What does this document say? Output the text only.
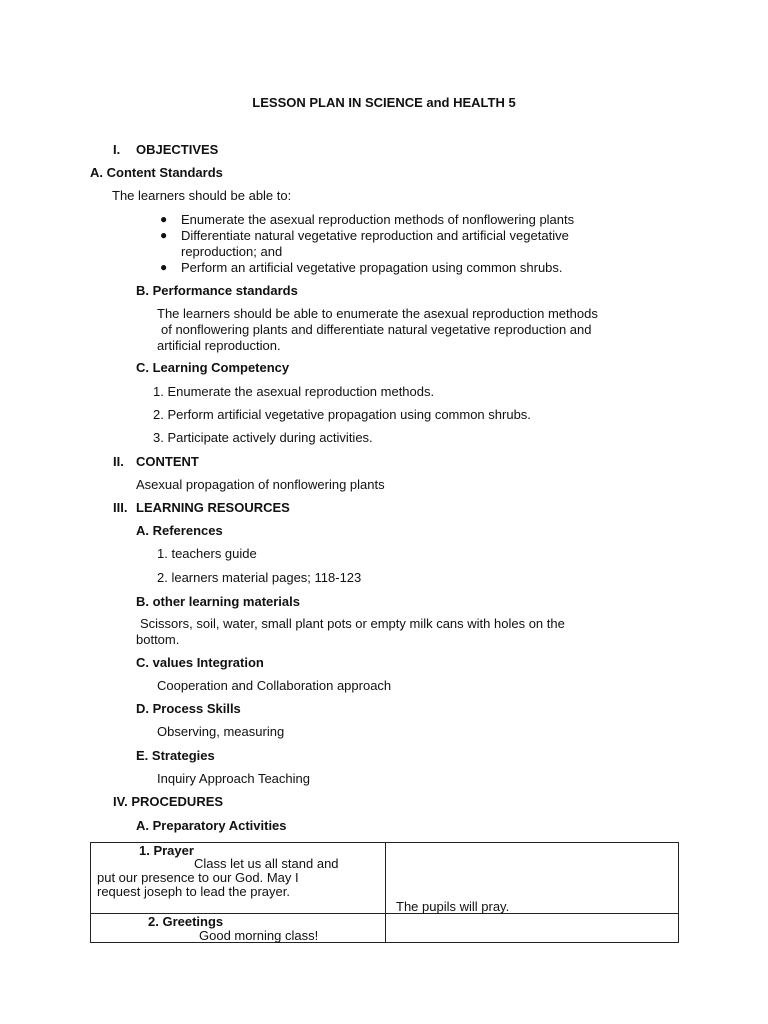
LESSON PLAN IN SCIENCE and HEALTH 5
I. OBJECTIVES
A. Content Standards
The learners should be able to:
● Enumerate the asexual reproduction methods of nonflowering plants
● Differentiate natural vegetative reproduction and artificial vegetative
reproduction; and
● Perform an artificial vegetative propagation using common shrubs.
B. Performance standards
The learners should be able to enumerate the asexual reproduction methods
of nonflowering plants and differentiate natural vegetative reproduction and
artificial reproduction.
C. Learning Competency
1. Enumerate the asexual reproduction methods.
2. Perform artificial vegetative propagation using common shrubs.
3. Participate actively during activities.
II. CONTENT
Asexual propagation of nonflowering plants
III. LEARNING RESOURCES
A. References
1. teachers guide
2. learners material pages; 118-123
B. other learning materials
Scissors, soil, water, small plant pots or empty milk cans with holes on the
bottom.
C. values Integration
Cooperation and Collaboration approach
D. Process Skills
Observing, measuring
E. Strategies
Inquiry Approach Teaching
IV. PROCEDURES
A. Preparatory Activities
1. Prayer
Class let us all stand and
put our presence to our God. May I
request joseph to lead the prayer.	The pupils will pray.

2. Greetings
Good morning class!	
